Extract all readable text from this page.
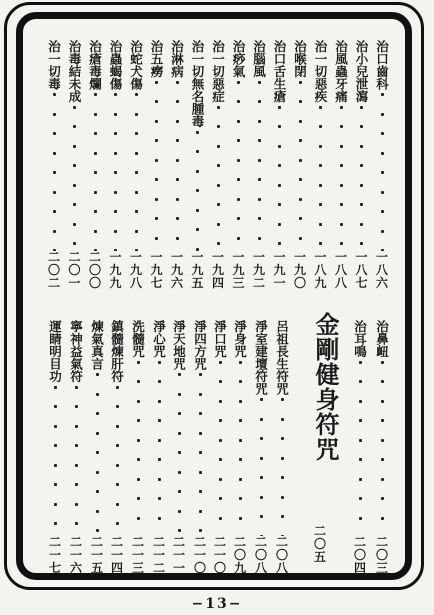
治口齒科
一
八
六
治小兒泄瀉
一
八
七
治風蟲牙痛
一
八
八
治一切惡疾
一
八
九
治喉閉
一
九
〇
治口舌生瘡
一
九
一
治腦風
一
九
二
治痧氣
一
九
三
治一切惡症
一
九
四
治一切無名腫毒
一
九
五
治淋病
一
九
六
治五癆
一
九
七
治蛇犬傷
一
九
八
治蟲蝎傷
一
九
九
治瘡毒爛
二
〇
〇
治毒結未成
二
〇
一
治一切毒
二
〇
二
治鼻衄
二
〇
三
治耳鳴
二
〇
四
呂祖長生符咒
二
〇
八
淨室建壇符咒
二
〇
八
淨身咒
二
〇
九
淨口咒
二
一
〇
淨四方咒
二
一
〇
淨天地咒
二
一
一
淨心咒
二
一
二
洗髓咒
二
一
三
鎮髓煉肝符
二
一
四
煉氣真言
二
一
五
寧神益氣符
二
一
六
運睛明目功
二
一
七
金剛健身符咒
二
〇
五
−13−
